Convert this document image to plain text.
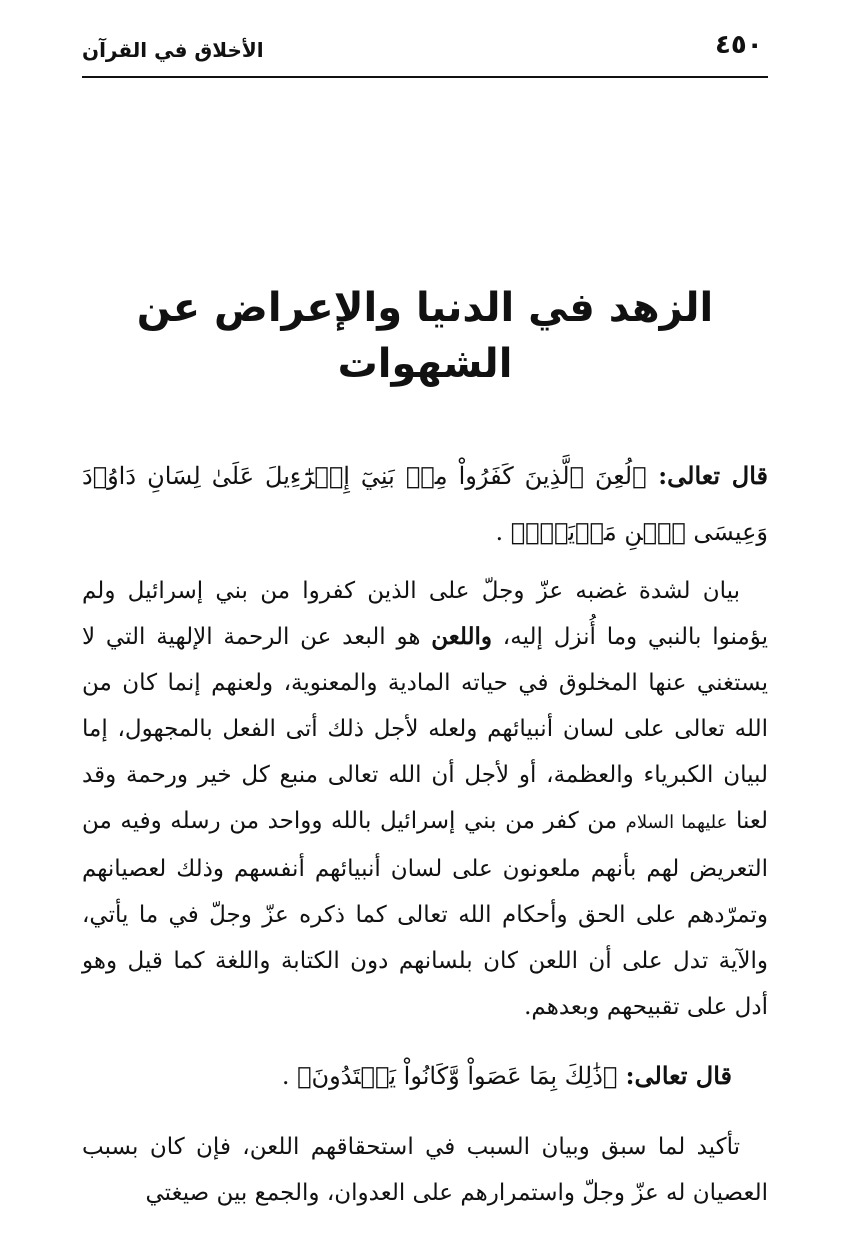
٤٥٠
الأخلاق في القرآن
الزهد في الدنيا والإعراض عن الشهوات

قال تعالى: ﴿لُعِنَ ٱلَّذِينَ كَفَرُواْ مِنۢ بَنِيٓ إِسۡرَٰٓءِيلَ عَلَىٰ لِسَانِ دَاوُۥدَ وَعِيسَى ٱبۡنِ مَرۡيَمَۚ﴾ .

بيان لشدة غضبه عزّ وجلّ على الذين كفروا من بني إسرائيل ولم يؤمنوا بالنبي وما أُنزل إليه، واللعن هو البعد عن الرحمة الإلهية التي لا يستغني عنها المخلوق في حياته المادية والمعنوية، ولعنهم إنما كان من الله تعالى على لسان أنبيائهم ولعله لأجل ذلك أتى الفعل بالمجهول، إما لبيان الكبرياء والعظمة، أو لأجل أن الله تعالى منبع كل خير ورحمة وقد لعنا عليهما السلام من كفر من بني إسرائيل بالله وواحد من رسله وفيه من التعريض لهم بأنهم ملعونون على لسان أنبيائهم أنفسهم وذلك لعصيانهم وتمرّدهم على الحق وأحكام الله تعالى كما ذكره عزّ وجلّ في ما يأتي، والآية تدل على أن اللعن كان بلسانهم دون الكتابة واللغة كما قيل وهو أدل على تقبيحهم وبعدهم.

قال تعالى: ﴿ذَٰلِكَ بِمَا عَصَواْ وَّكَانُواْ يَعۡتَدُونَ﴾ .

تأكيد لما سبق وبيان السبب في استحقاقهم اللعن، فإن كان بسبب العصيان له عزّ وجلّ واستمرارهم على العدوان، والجمع بين صيغتي
